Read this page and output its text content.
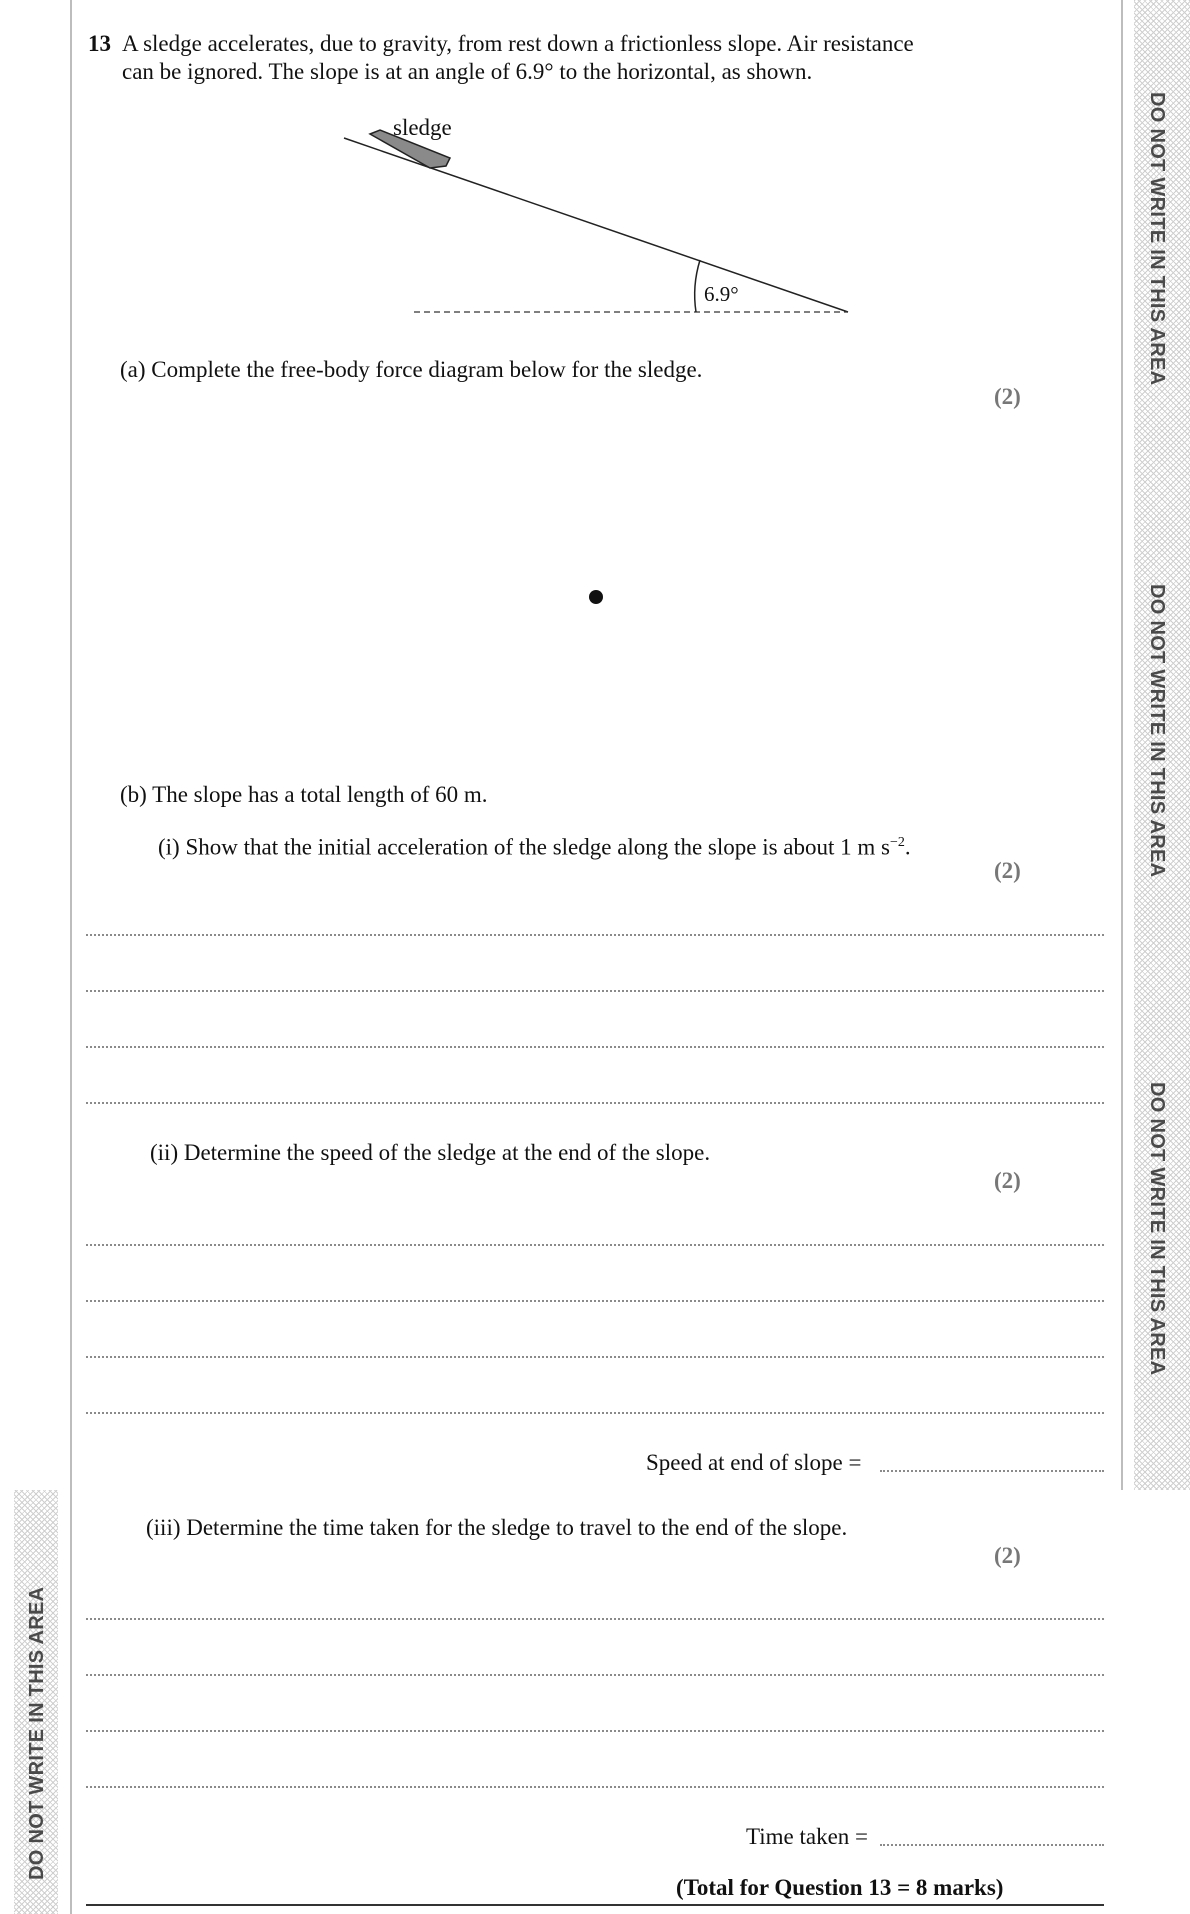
DO NOT WRITE IN THIS AREA
DO NOT WRITE IN THIS AREA
DO NOT WRITE IN THIS AREA
DO NOT WRITE IN THIS AREA
13 A sledge accelerates, due to gravity, from rest down a frictionless slope. Air resistance
can be ignored. The slope is at an angle of 6.9° to the horizontal, as shown.
sledge
6.9°
(a) Complete the free-body force diagram below for the sledge.
(2)
(b) The slope has a total length of 60 m.
(i) Show that the initial acceleration of the sledge along the slope is about 1 m $s^{-2}$.
(2)
(ii) Determine the speed of the sledge at the end of the slope.
(2)
Speed at end of slope =
(iii) Determine the time taken for the sledge to travel to the end of the slope.
(2)
Time taken =
(Total for Question 13 = 8 marks)
